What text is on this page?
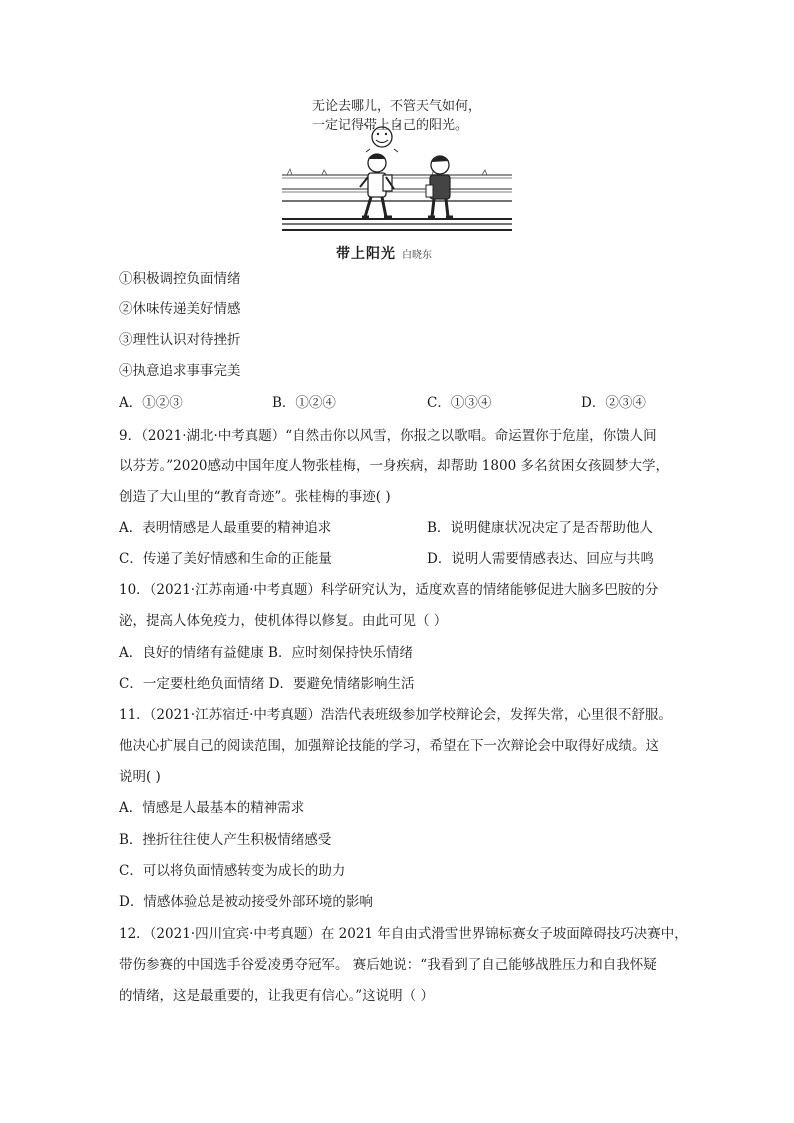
无论去哪儿，不管天气如何，
一定记得带上自己的阳光。
带上阳光 白晓东
①积极调控负面情绪
②休味传递美好情感
③理性认识对待挫折
④执意追求事事完美
A．①②③	B．①②④	C．①③④	D．②③④
9．（2021·湖北·中考真题）“自然击你以风雪，你报之以歌唱。命运置你于危崖，你馈人间
以芬芳。”2020感动中国年度人物张桂梅，一身疾病，却帮助 1800 多名贫困女孩圆梦大学，
创造了大山里的“教育奇迹”。张桂梅的事迹( )
A．表明情感是人最重要的精神追求	B．说明健康状况决定了是否帮助他人
C．传递了美好情感和生命的正能量	D．说明人需要情感表达、回应与共鸣
10．（2021·江苏南通·中考真题）科学研究认为，适度欢喜的情绪能够促进大脑多巴胺的分
泌，提高人体免疫力，使机体得以修复。由此可见（ ）
A．良好的情绪有益健康 B．应时刻保持快乐情绪
C．一定要杜绝负面情绪 D．要避免情绪影响生活
11．（2021·江苏宿迁·中考真题）浩浩代表班级参加学校辩论会，发挥失常，心里很不舒服。
他决心扩展自己的阅读范围，加强辩论技能的学习，希望在下一次辩论会中取得好成绩。这
说明( )
A．情感是人最基本的精神需求
B．挫折往往使人产生积极情绪感受
C．可以将负面情感转变为成长的助力
D．情感体验总是被动接受外部环境的影响
12．（2021·四川宜宾·中考真题）在 2021 年自由式滑雪世界锦标赛女子坡面障碍技巧决赛中，
带伤参赛的中国选手谷爱凌勇夺冠军。 赛后她说：“我看到了自己能够战胜压力和自我怀疑
的情绪，这是最重要的，让我更有信心。”这说明（ ）
